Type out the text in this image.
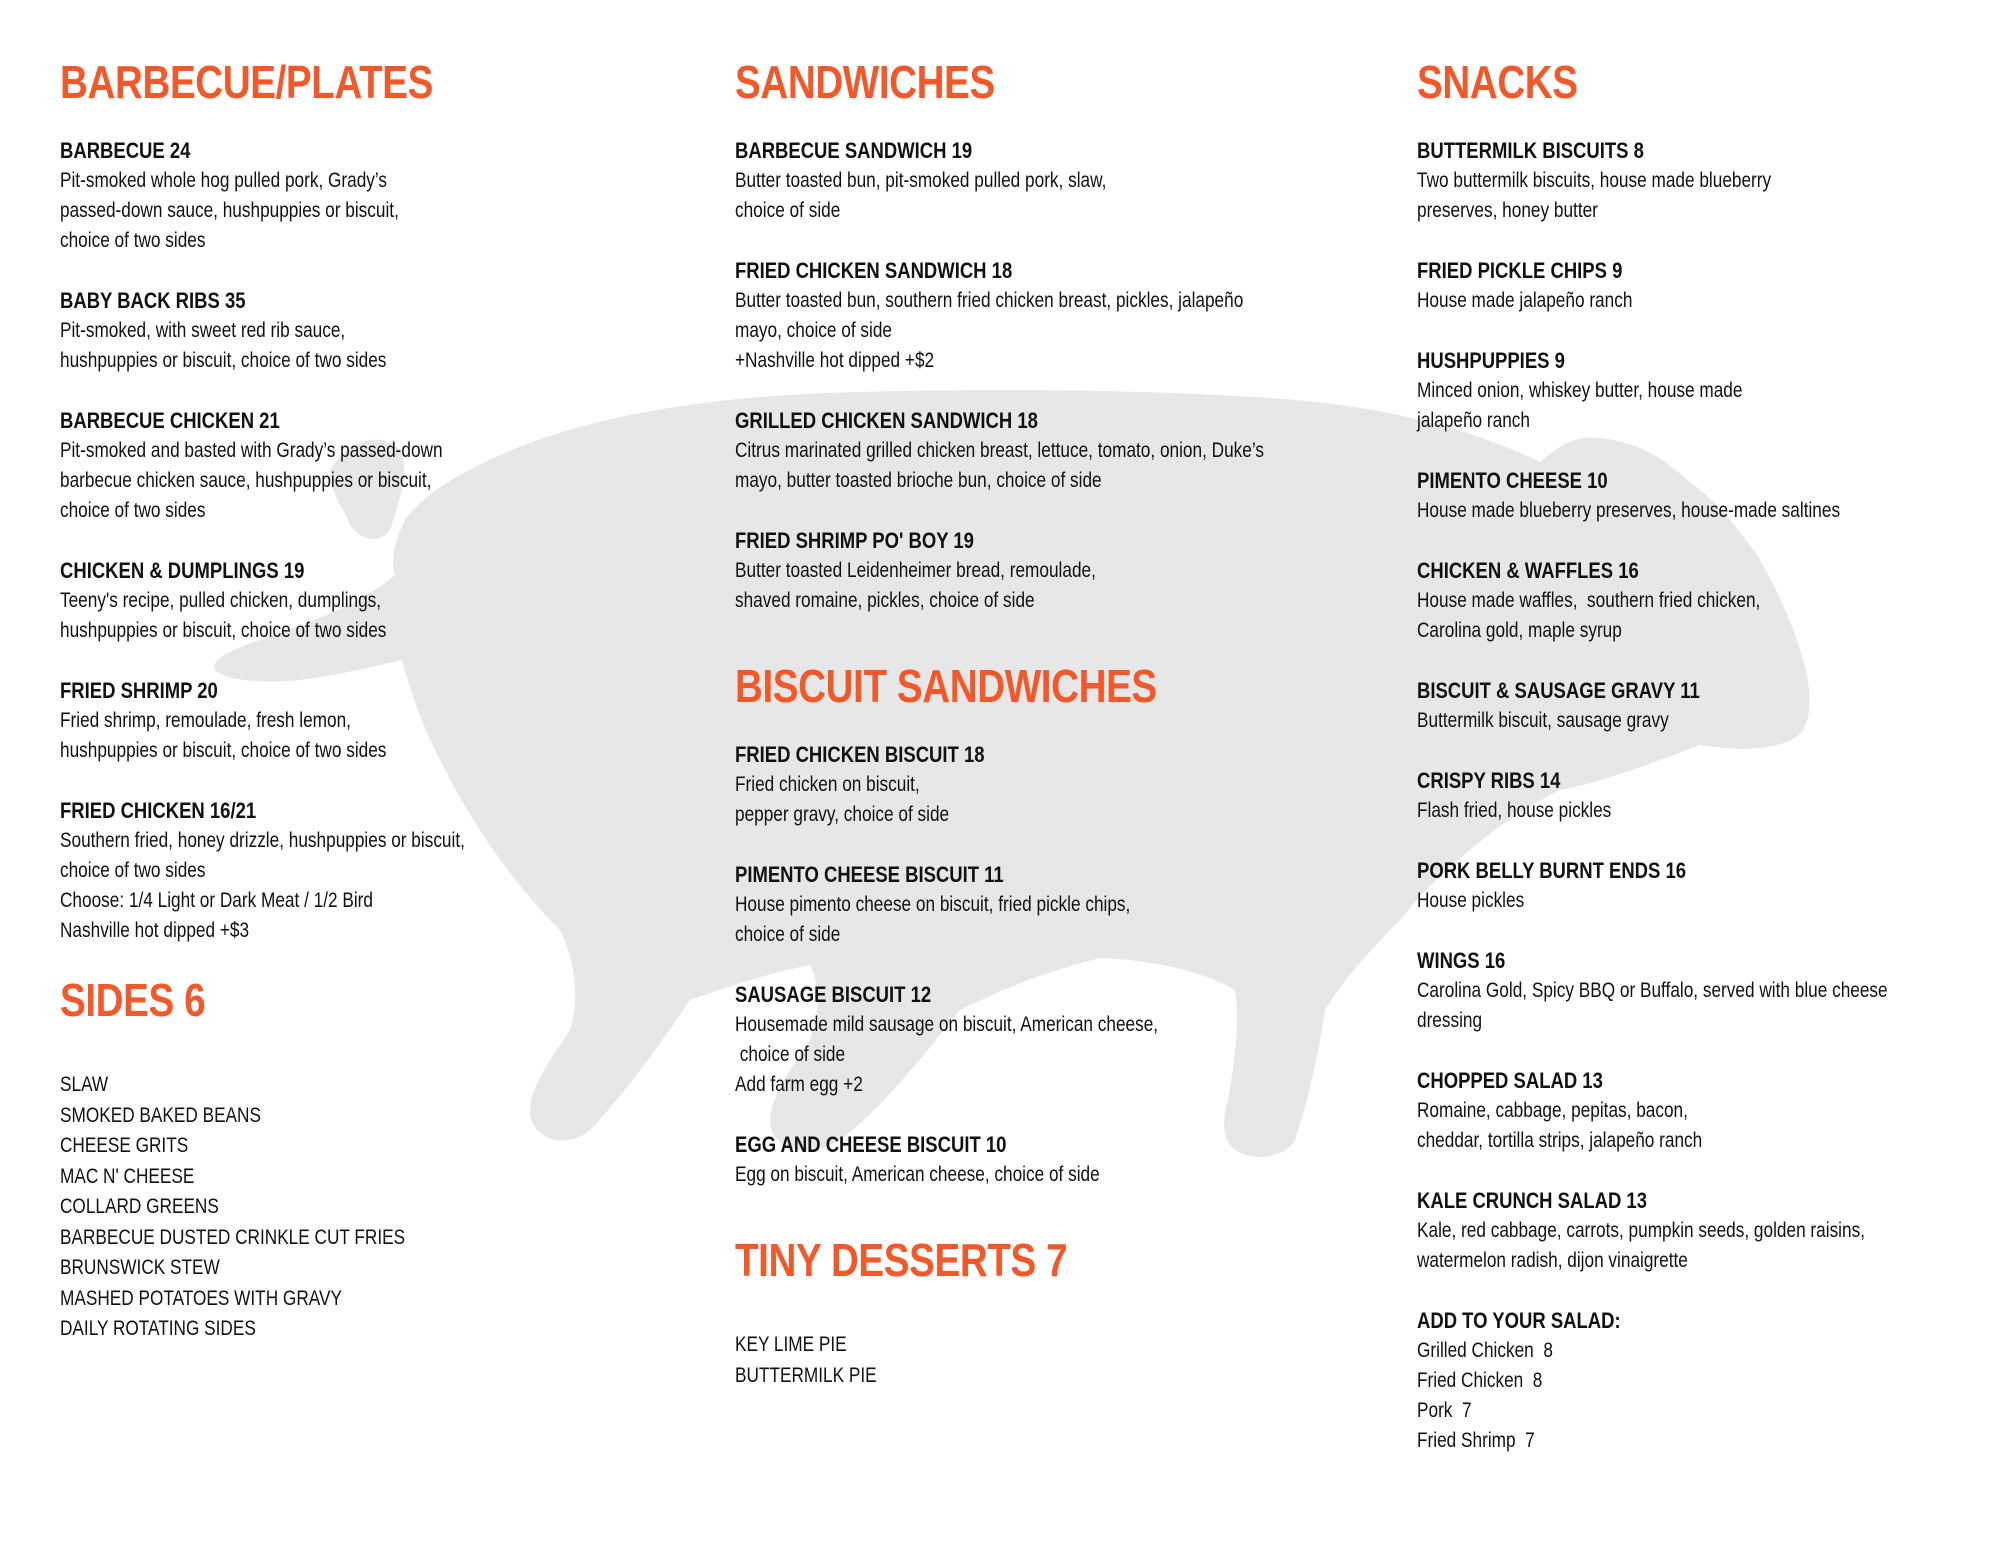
BARBECUE/PLATES
BARBECUE 24
Pit-smoked whole hog pulled pork, Grady’s
passed-down sauce, hushpuppies or biscuit,
choice of two sides
BABY BACK RIBS 35
Pit-smoked, with sweet red rib sauce,
hushpuppies or biscuit, choice of two sides
BARBECUE CHICKEN 21
Pit-smoked and basted with Grady’s passed-down
barbecue chicken sauce, hushpuppies or biscuit,
choice of two sides
CHICKEN & DUMPLINGS 19
Teeny's recipe, pulled chicken, dumplings,
hushpuppies or biscuit, choice of two sides
FRIED SHRIMP 20
Fried shrimp, remoulade, fresh lemon,
hushpuppies or biscuit, choice of two sides
FRIED CHICKEN 16/21
Southern fried, honey drizzle, hushpuppies or biscuit,
choice of two sides
Choose: 1/4 Light or Dark Meat / 1/2 Bird
Nashville hot dipped +$3
SIDES 6
SLAW
SMOKED BAKED BEANS
CHEESE GRITS
MAC N' CHEESE
COLLARD GREENS
BARBECUE DUSTED CRINKLE CUT FRIES
BRUNSWICK STEW
MASHED POTATOES WITH GRAVY
DAILY ROTATING SIDES
SANDWICHES
BARBECUE SANDWICH 19
Butter toasted bun, pit-smoked pulled pork, slaw,
choice of side
FRIED CHICKEN SANDWICH 18
Butter toasted bun, southern fried chicken breast, pickles, jalapeño
mayo, choice of side
+Nashville hot dipped +$2
GRILLED CHICKEN SANDWICH 18
Citrus marinated grilled chicken breast, lettuce, tomato, onion, Duke’s
mayo, butter toasted brioche bun, choice of side
FRIED SHRIMP PO' BOY 19
Butter toasted Leidenheimer bread, remoulade,
shaved romaine, pickles, choice of side
BISCUIT SANDWICHES
FRIED CHICKEN BISCUIT 18
Fried chicken on biscuit,
pepper gravy, choice of side
PIMENTO CHEESE BISCUIT 11
House pimento cheese on biscuit, fried pickle chips,
choice of side
SAUSAGE BISCUIT 12
Housemade mild sausage on biscuit, American cheese,
choice of side
Add farm egg +2
EGG AND CHEESE BISCUIT 10
Egg on biscuit, American cheese, choice of side
TINY DESSERTS 7
KEY LIME PIE
BUTTERMILK PIE
SNACKS
BUTTERMILK BISCUITS 8
Two buttermilk biscuits, house made blueberry
preserves, honey butter
FRIED PICKLE CHIPS 9
House made jalapeño ranch
HUSHPUPPIES 9
Minced onion, whiskey butter, house made
jalapeño ranch
PIMENTO CHEESE 10
House made blueberry preserves, house-made saltines
CHICKEN & WAFFLES 16
House made waffles,  southern fried chicken,
Carolina gold, maple syrup
BISCUIT & SAUSAGE GRAVY 11
Buttermilk biscuit, sausage gravy
CRISPY RIBS 14
Flash fried, house pickles
PORK BELLY BURNT ENDS 16
House pickles
WINGS 16
Carolina Gold, Spicy BBQ or Buffalo, served with blue cheese
dressing
CHOPPED SALAD 13
Romaine, cabbage, pepitas, bacon,
cheddar, tortilla strips, jalapeño ranch
KALE CRUNCH SALAD 13
Kale, red cabbage, carrots, pumpkin seeds, golden raisins,
watermelon radish, dijon vinaigrette
ADD TO YOUR SALAD:
Grilled Chicken  8
Fried Chicken  8
Pork  7
Fried Shrimp  7
